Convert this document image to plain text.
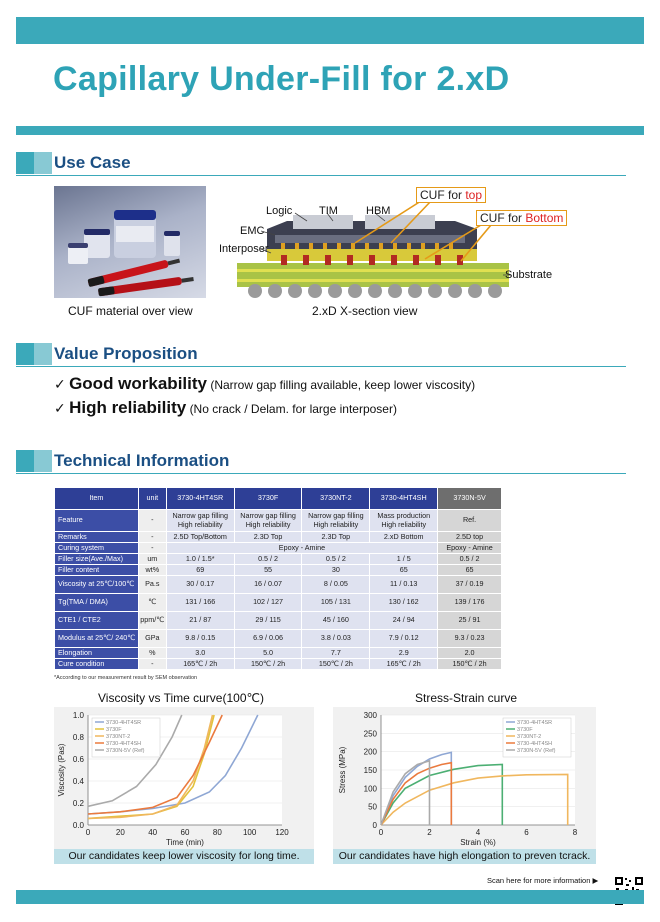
Capillary Under-Fill for 2.xD
Use Case
CUF material over view
Logic TIM	HBM
EMC
Interposer
Substrate
CUF for top
CUF for Bottom
2.xD X-section view
Value Proposition
✓ Good workability (Narrow gap filling available, keep lower viscosity)
✓ High reliability (No crack / Delam. for large interposer)
Technical Information
Item	unit	3730-4HT4SR	3730F	3730NT-2	3730-4HT4SH	3730N-5V
Feature	-	Narrow gap filling High reliability	Narrow gap filling High reliability	Narrow gap filling High reliability	Mass production High reliability	Ref.
Remarks	-	2.5D Top/Bottom	2.3D Top	2.3D Top	2.xD Bottom	2.5D top
Curing system	-	Epoxy - Amine				Epoxy - Amine
Filler size(Ave./Max)	um	1.0 / 1.5*	0.5 / 2	0.5 / 2	1 / 5	0.5 / 2
Filler content	wt%	69	55	30	65	65
Viscosity at 25℃/100℃	Pa.s	30 / 0.17	16 / 0.07	8 / 0.05	11 / 0.13	37 / 0.19
Tg(TMA / DMA)	℃	131 / 166	102 / 127	105 / 131	130 / 162	139 / 176
CTE1 / CTE2	ppm/℃	21 / 87	29 / 115	45 / 160	24 / 94	25 / 91
Modulus at 25℃/ 240℃	GPa	9.8 / 0.15	6.9 / 0.06	3.8 / 0.03	7.9 / 0.12	9.3 / 0.23
Elongation	%	3.0	5.0	7.7	2.9	2.0
Cure condition	-	165℃ / 2h	150℃ / 2h	150℃ / 2h	165℃ / 2h	150℃ / 2h
*According to our measurement result by SEM observation
Viscosity vs Time curve(100℃)	Stress-Strain curve
0.0
0.2
0.4
0.6
0.8
1.0
0	20	40	60	80	100 120
3730-4HT4SR
3730F
3730NT-2
3730-4HT4SH
3730N-5V (Ref)
Time (min)
Viscosity (Pas)
0
50
100
150
200
250
300
0	2	4	6	8
3730-4HT4SR
3730F
3730NT-2
3730-4HT4SH
3730N-5V (Ref)
Strain (%)
Stress (MPa)
Our candidates keep lower viscosity for long time.	Our candidates have high elongation to preven tcrack.
Scan here for more information ▶
